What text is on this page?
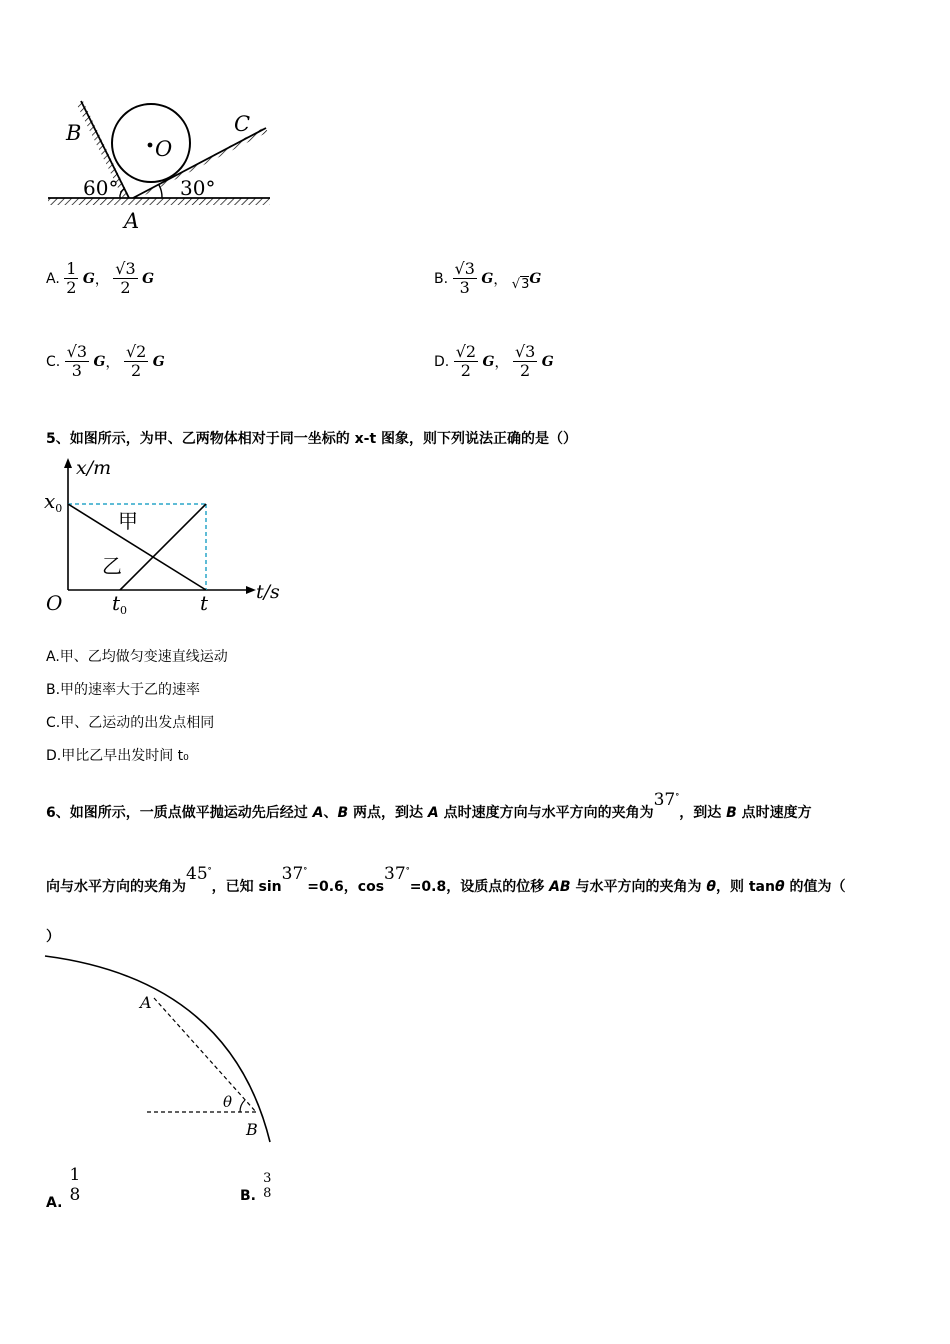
B	C
O
A
60°	30°
A. $\frac{1}{2}$ G， $\frac{√3}{2}$ G	B. $\frac{√3}{3}$ G， √3G
C. $\frac{√3}{3}$ G， $\frac{√2}{2}$ G	D. $\frac{√2}{2}$ G， $\frac{√3}{2}$ G
5、如图所示，为甲、乙两物体相对于同一坐标的 x-t 图象，则下列说法正确的是（）
x/m
t/s
O
$x_0$
$t_0$	t
甲
乙
A.甲、乙均做匀变速直线运动
B.甲的速率大于乙的速率
C.甲、乙运动的出发点相同
D.甲比乙早出发时间 t₀
6、如图所示，一质点做平抛运动先后经过 A、B 两点，到达 A 点时速度方向与水平方向的夹角为37°，到达 B 点时速度方
向与水平方向的夹角为45°，已知 sin37°=0.6，cos37°=0.8，设质点的位移 AB 与水平方向的夹角为 θ，则 tanθ 的值为（
）
A
B
θ
A.
1
8	B.
3
8
